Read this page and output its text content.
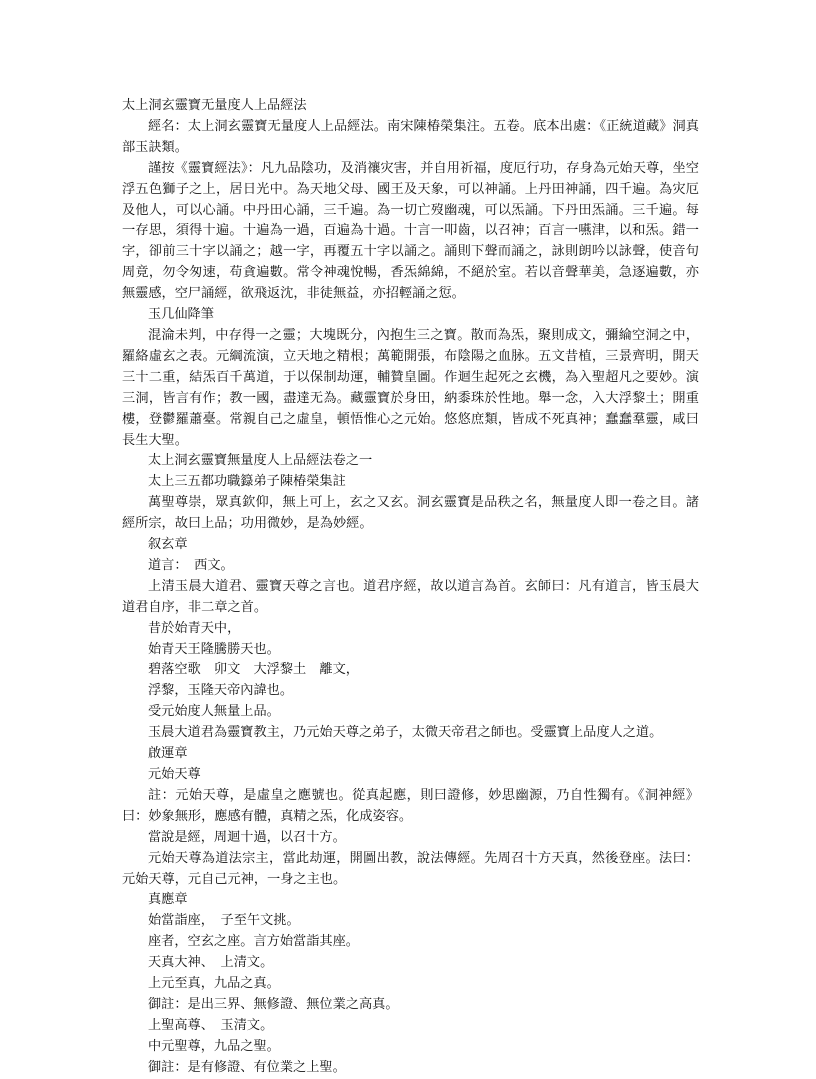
太上洞玄靈寶无量度人上品經法

經名：太上洞玄靈寶无量度人上品經法。南宋陳椿榮集注。五卷。底本出處：《正統道藏》洞真部玉訣類。

謹按《靈寶經法》：凡九品陰功，及消禳灾害，并自用祈福，度厄行功，存身為元始天尊，坐空浮五色獅子之上，居日光中。為天地父母、國王及天象，可以神誦。上丹田神誦，四千遍。為灾厄及他人，可以心誦。中丹田心誦，三千遍。為一切亡歿幽魂，可以炁誦。下丹田炁誦。三千遍。每一存思，須得十遍。十遍為一過，百遍為十過。十言一叩齒，以召神；百言一嚥津，以和炁。錯一字，卻前三十字以誦之；越一字，再覆五十字以誦之。誦則下聲而誦之，詠則朗吟以詠聲，使音句周竟，勿令匆速，苟貪遍數。常令神魂悅暢，香炁綿綿，不絕於室。若以音聲華美，急逐遍數，亦無靈感，空尸誦經，欲飛返沈，非徒無益，亦招輕誦之愆。

玉几仙降筆

混淪未判，中存得一之靈；大塊既分，內抱生三之寶。散而為炁，聚則成文，彌綸空洞之中，羅絡虛玄之表。元綱流演，立天地之精根；萬範開張，布陰陽之血脉。五文昔植，三景齊明，開天三十二重，結炁百千萬道，于以保制劫運，輔贊皇圖。作迴生起死之玄機，為入聖超凡之要妙。演三洞，皆言有作；教一國，盡達无為。藏靈寶於身田，納黍珠於性地。舉一念，入大浮黎土；開重樓，登鬱羅蕭臺。常親自己之虛皇，頓悟惟心之元始。悠悠庶類，皆成不死真神；蠢蠢羣靈，咸曰長生大聖。

太上洞玄靈寶無量度人上品經法卷之一

太上三五都功職籙弟子陳椿榮集註

萬聖尊崇，眾真欽仰，無上可上，玄之又玄。洞玄靈寶是品秩之名，無量度人即一卷之目。諸經所宗，故曰上品；功用微妙，是為妙經。

叙玄章

道言：　西文。

上清玉晨大道君、靈寶天尊之言也。道君序經，故以道言為首。玄師曰：凡有道言，皆玉晨大道君自序，非二章之首。

昔於始青天中，

始青天王隆騰勝天也。

碧落空歌　卯文　大浮黎土　離文，

浮黎，玉隆天帝內諱也。

受元始度人無量上品。

玉晨大道君為靈寶教主，乃元始天尊之弟子，太微天帝君之師也。受靈寶上品度人之道。

啟運章

元始天尊

註：元始天尊，是虛皇之應號也。從真起應，則曰證修，妙思幽源，乃自性獨有。《洞神經》曰：妙象無形，應感有體，真精之炁，化成姿容。

當說是經，周迴十過，以召十方。

元始天尊為道法宗主，當此劫運，開圖出教，說法傳經。先周召十方天真，然後登座。法曰：元始天尊，元自己元神，一身之主也。

真應章

始當詣座，　子至午文挑。

座者，空玄之座。言方始當詣其座。

天真大神、　上清文。

上元至真，九品之真。

御註：是出三界、無修證、無位業之高真。

上聖高尊、　玉清文。

中元聖尊，九品之聖。

御註：是有修證、有位業之上聖。
